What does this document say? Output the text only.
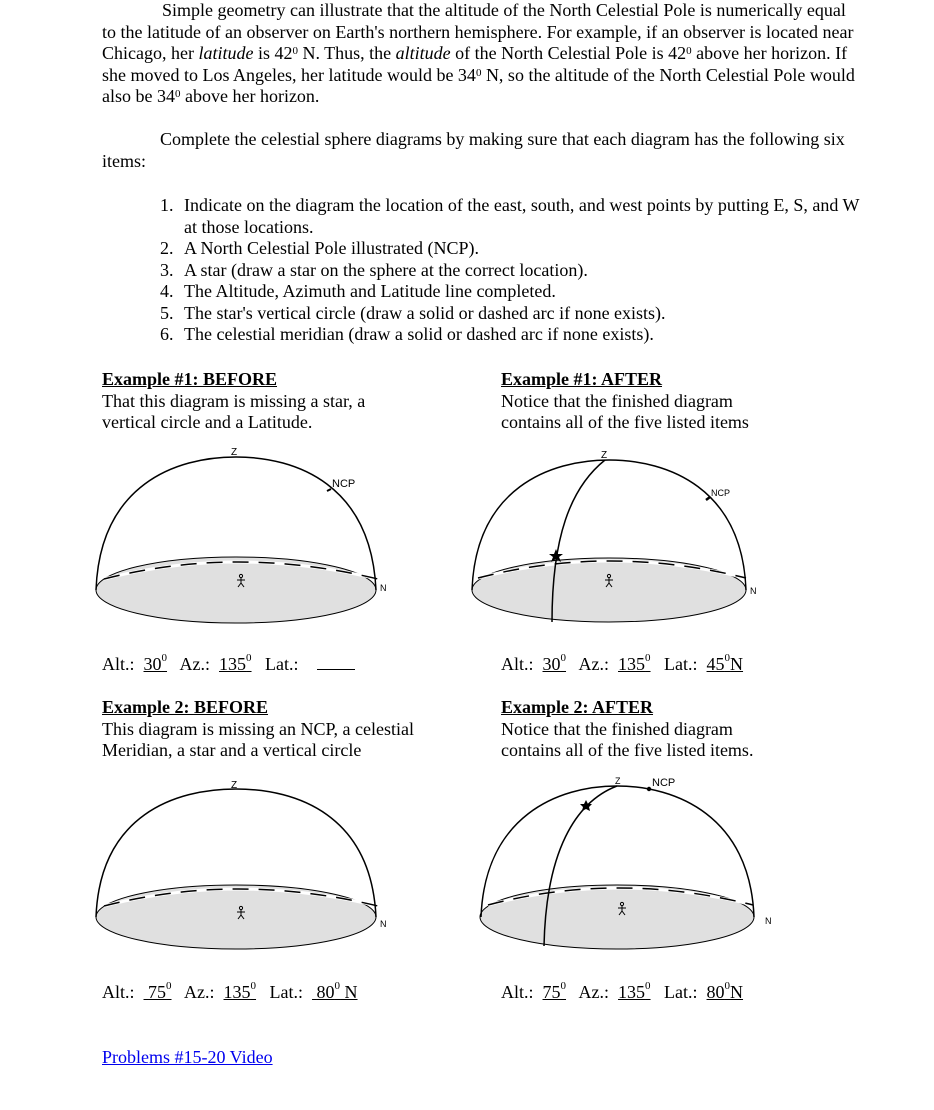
Simple geometry can illustrate that the altitude of the North Celestial Pole is numerically equal to the latitude of an observer on Earth's northern hemisphere. For example, if an observer is located near Chicago, her latitude is $42^0$ N. Thus, the altitude of the North Celestial Pole is $42^0$ above her horizon. If she moved to Los Angeles, her latitude would be $34^0$ N, so the altitude of the North Celestial Pole would also be $34^0$ above her horizon.

Complete the celestial sphere diagrams by making sure that each diagram has the following six items:

1. Indicate on the diagram the location of the east, south, and west points by putting E, S, and W at those locations.
2. A North Celestial Pole illustrated (NCP).
3. A star (draw a star on the sphere at the correct location).
4. The Altitude, Azimuth and Latitude line completed.
5. The star's vertical circle (draw a solid or dashed arc if none exists).
6. The celestial meridian (draw a solid or dashed arc if none exists).
Example #1: BEFORE
That this diagram is missing a star, a vertical circle and a Latitude.
Example #1: AFTER
Notice that the finished diagram contains all of the five listed items
Example 2: BEFORE
This diagram is missing an NCP, a celestial Meridian, a star and a vertical circle
Example 2: AFTER
Notice that the finished diagram contains all of the five listed items.
Z
NCP
N
Z
NCP
N
Z
N
Z	NCP
N
Alt.: $30^0$ Az.: $135^0$ Lat.:	Alt.: $30^0$ Az.: $135^0$ Lat.: $45^0N$
Alt.: $75^0$ Az.: $135^0$ Lat.: $80^0$ N	Alt.: $75^0$ Az.: $135^0$ Lat.: $80^0N$
Problems #15-20 Video
